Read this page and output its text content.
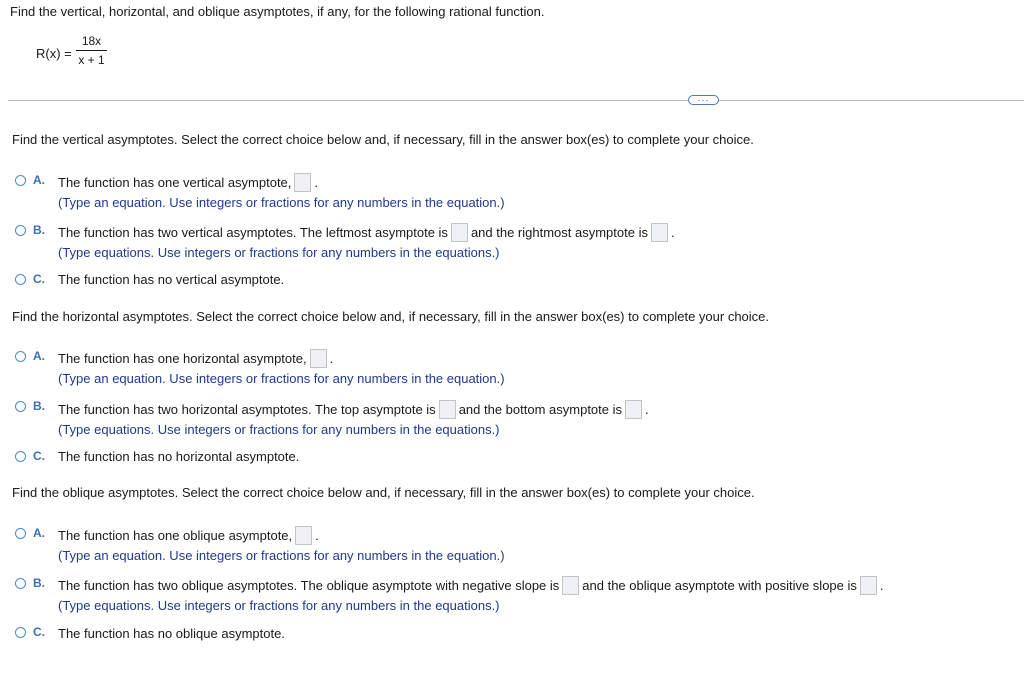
Find the vertical, horizontal, and oblique asymptotes, if any, for the following rational function.
R(x) =
18x
x + 1
···
Find the vertical asymptotes. Select the correct choice below and, if necessary, fill in the answer box(es) to complete your choice.
A. The function has one vertical asymptote, .
(Type an equation. Use integers or fractions for any numbers in the equation.)
B. The function has two vertical asymptotes. The leftmost asymptote is and the rightmost asymptote is .
(Type equations. Use integers or fractions for any numbers in the equations.)
C. The function has no vertical asymptote.
Find the horizontal asymptotes. Select the correct choice below and, if necessary, fill in the answer box(es) to complete your choice.
A. The function has one horizontal asymptote, .
(Type an equation. Use integers or fractions for any numbers in the equation.)
B. The function has two horizontal asymptotes. The top asymptote is and the bottom asymptote is .
(Type equations. Use integers or fractions for any numbers in the equations.)
C. The function has no horizontal asymptote.
Find the oblique asymptotes. Select the correct choice below and, if necessary, fill in the answer box(es) to complete your choice.
A. The function has one oblique asymptote, .
(Type an equation. Use integers or fractions for any numbers in the equation.)
B. The function has two oblique asymptotes. The oblique asymptote with negative slope is and the oblique asymptote with positive slope is .
(Type equations. Use integers or fractions for any numbers in the equations.)
C. The function has no oblique asymptote.
